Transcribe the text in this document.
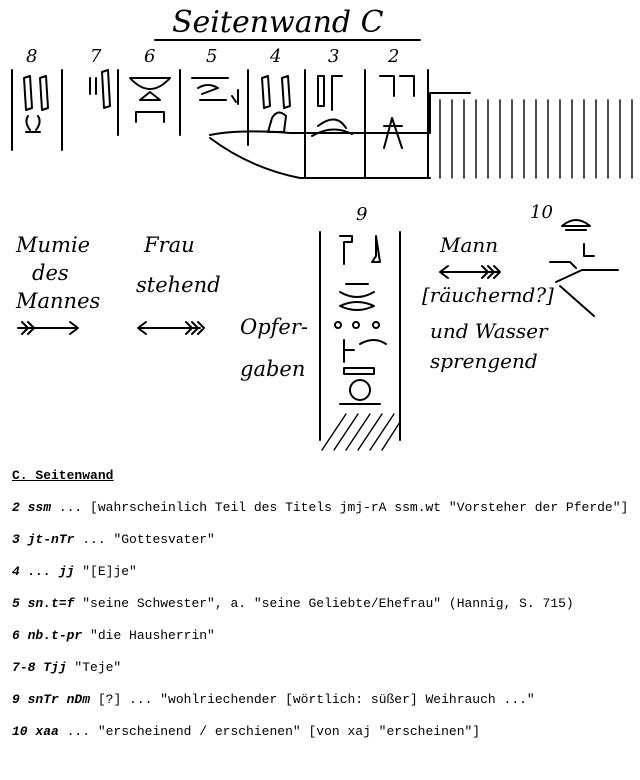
Seitenwand C
8	7 6	5	4	3	2
9	10
Mumie
des
Mannes
Frau
stehend
Opfer-
gaben
Mann
[räuchernd?]
und Wasser
sprengend
C. Seitenwand
2 ssm ... [wahrscheinlich Teil des Titels jmj-rA ssm.wt "Vorsteher der Pferde"]
3 jt-nTr ... "Gottesvater"
4 ... jj "[E]je"
5 sn.t=f "seine Schwester", a. "seine Geliebte/Ehefrau" (Hannig, S. 715)
6 nb.t-pr "die Hausherrin"
7-8 Tjj "Teje"
9 snTr nDm [?] ... "wohlriechender [wörtlich: süßer] Weihrauch ..."
10 xaa ... "erscheinend / erschienen" [von xaj "erscheinen"]
